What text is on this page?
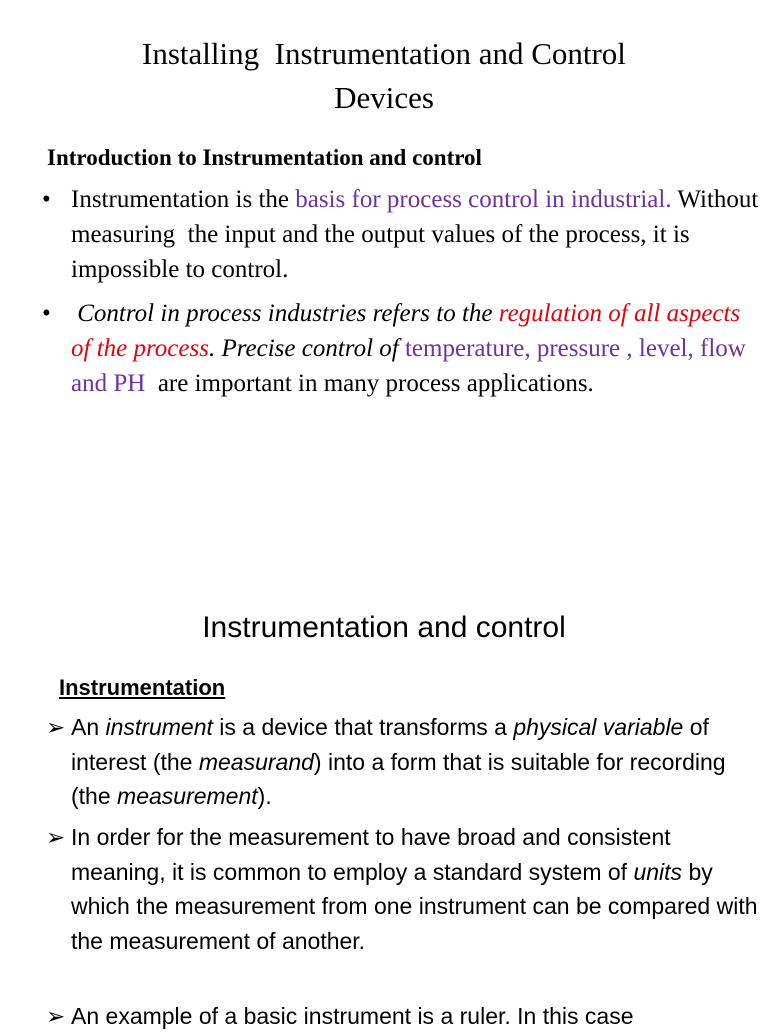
Installing  Instrumentation and Control
Devices
Introduction to Instrumentation and control
• Instrumentation is the basis for process control in industrial. Without measuring  the input and the output values of the process, it is impossible to control.
• Control in process industries refers to the regulation of all aspects of the process. Precise control of temperature, pressure , level, flow and PH  are important in many process applications.
Instrumentation and control
Instrumentation
➢ An instrument is a device that transforms a physical variable of interest (the measurand) into a form that is suitable for recording (the measurement).
➢ In order for the measurement to have broad and consistent meaning, it is common to employ a standard system of units by which the measurement from one instrument can be compared with the measurement of another.
➢ An example of a basic instrument is a ruler. In this case
